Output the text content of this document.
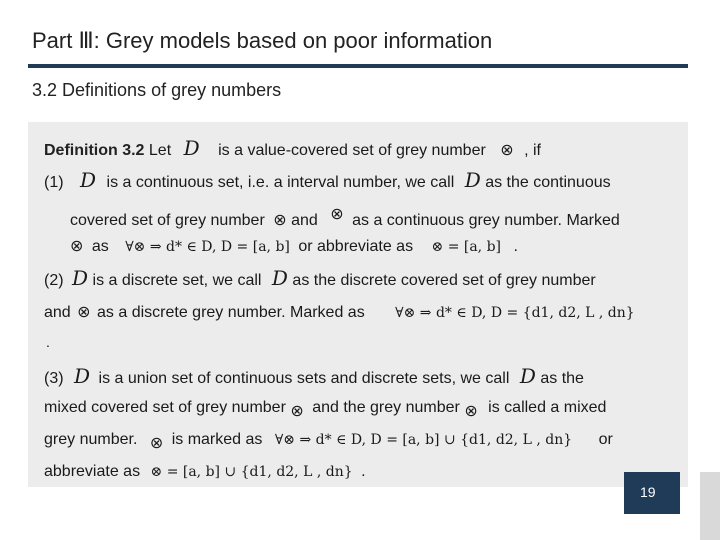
Part Ⅲ: Grey models based on poor information
3.2 Definitions of grey numbers
Definition 3.2 Let D is a value-covered set of grey number ⊗ , if
(1) D is a continuous set, i.e. a interval number, we call D as the continuous
covered set of grey number ⊗ and ⊗ as a continuous grey number. Marked
⊗ as ∀⊗ ⇒ d* ∈ D, D = [a, b] or abbreviate as ⊗ = [a, b] .
(2) D is a discrete set, we call D as the discrete covered set of grey number
and ⊗ as a discrete grey number. Marked as ∀⊗ ⇒ d* ∈ D, D = {d1, d2, L , dn}
.
(3) D is a union set of continuous sets and discrete sets, we call D as the
mixed covered set of grey number ⊗ and the grey number ⊗ is called a mixed
grey number. ⊗ is marked as ∀⊗ ⇒ d* ∈ D, D = [a, b] ∪ {d1, d2, L , dn} or
abbreviate as ⊗ = [a, b] ∪ {d1, d2, L , dn} .
19
